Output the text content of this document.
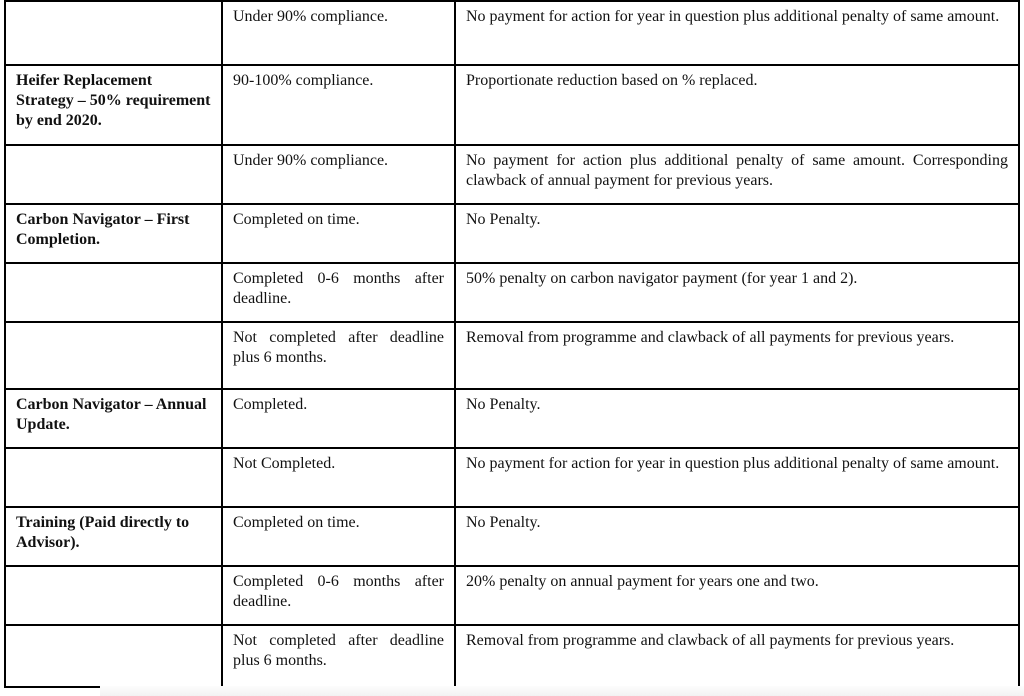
	Under 90% compliance.	No payment for action for year in question plus additional penalty of same amount.
Heifer Replacement Strategy – 50% requirement by end 2020.	90-100% compliance.	Proportionate reduction based on % replaced.
	Under 90% compliance.	No payment for action plus additional penalty of same amount. Corresponding clawback of annual payment for previous years.
Carbon Navigator – First Completion.	Completed on time.	No Penalty.
	Completed 0-6 months after deadline.	50% penalty on carbon navigator payment (for year 1 and 2).
	Not completed after deadline plus 6 months.	Removal from programme and clawback of all payments for previous years.
Carbon Navigator – Annual Update.	Completed.	No Penalty.
	Not Completed.	No payment for action for year in question plus additional penalty of same amount.
Training (Paid directly to Advisor).	Completed on time.	No Penalty.
	Completed 0-6 months after deadline.	20% penalty on annual payment for years one and two.
	Not completed after deadline plus 6 months.	Removal from programme and clawback of all payments for previous years.
